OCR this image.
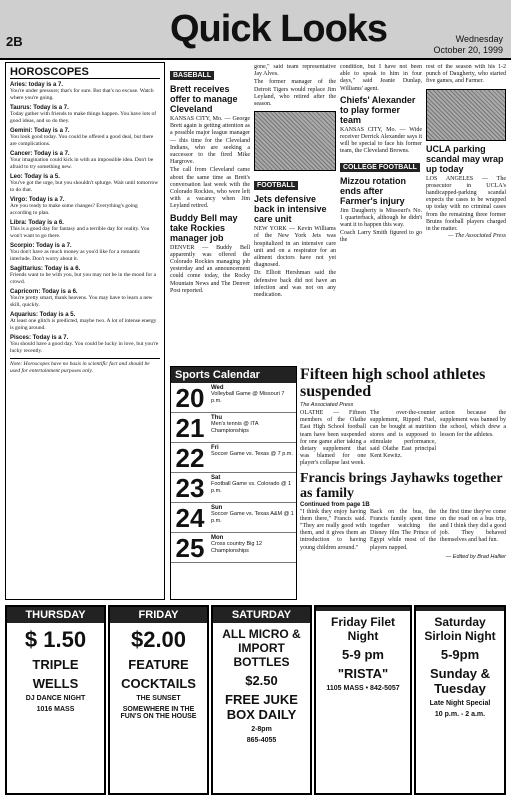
2B	Quick Looks	Wednesday
October 20, 1999
HOROSCOPES
Aries: today is a 7.

You're under pressure; that's for sure. But that's no excuse. Watch where you're going.

Taurus: Today is a 7.

Today gather with friends to make things happen. You have lots of good ideas, and so do they.

Gemini: Today is a 7.

You look good today. You could be offered a good deal, but there are complications.

Cancer: Today is a 7.

Your imagination could kick in with an impossible idea. Don't be afraid to try something new.

Leo: Today is a 5.

You've got the urge, but you shouldn't splurge. Wait until tomorrow to do that.

Virgo: Today is a 7.

Are you ready to make some changes? Everything's going according to plan.

Libra: Today is a 6.

This is a good day for fantasy and a terrible day for reality. You won't want to go there.

Scorpio: Today is a 7.

You don't have as much money as you'd like for a romantic interlude. Don't worry about it.

Sagittarius: Today is a 6.

Friends want to be with you, but you may not be in the mood for a crowd.

Capricorn: Today is a 6.

You're pretty smart, thank heavens. You may have to learn a new skill, quickly.

Aquarius: Today is a 5.

At least one glitch is predicted, maybe two. A lot of intense energy is going around.

Pisces: Today is a 7.

You should have a good day. You could be lucky in love, but you're lucky recently.

Note: Horoscopes have no basis in scientific fact and should be used for entertainment purposes only.
BASEBALL
Brett receives offer to manage Cleveland

KANSAS CITY, Mo. — George Brett again is getting attention as a possible major league manager — this time for the Cleveland Indians, who are seeking a successor to the fired Mike Hargrove.

The call from Cleveland came about the same time as Brett's conversation last week with the Colorado Rockies, who were left with a vacancy when Jim Leyland retired.

Buddy Bell may take Rockies manager job
DENVER — Buddy Bell apparently was offered the Colorado Rockies managing job yesterday and an announcement could come today, the Rocky Mountain News and The Denver Post reported.

gone," said team representative Jay Alves.

The former manager of the Detroit Tigers would replace Jim Leyland, who retired after the season.

FOOTBALL
Jets defensive back in intensive care unit

NEW YORK — Kevin Williams of the New York Jets was hospitalized in an intensive care unit and on a respirator for an ailment doctors have not yet diagnosed.

Dr. Elliott Hershman said the defensive back did not have an infection and was not on any medication.

condition, but I have not been able to speak to him in four days," said Jeanie Dunlap, Williams' agent.
Chiefs' Alexander to play former team
KANSAS CITY, Mo. — Wide receiver Derrick Alexander says it will be special to face his former team, the Cleveland Browns.
COLLEGE FOOTBALL
Mizzou rotation ends after Farmer's injury

Jim Daugherty is Missouri's No. 1 quarterback, although he didn't want it to happen this way.

Coach Larry Smith figured to go the

rest of the season with his 1-2 punch of Daugherty, who started five games, and Farmer.
UCLA parking scandal may wrap up today
LOS ANGELES — The prosecutor in UCLA's handicapped-parking scandal expects the cases to be wrapped up today with no criminal cases from the remaining three former Bruins football players charged in the matter.
— The Associated Press
Sports Calendar
20	Wed
Volleyball Game @ Missouri 7 p.m.
21	Thu
Men's tennis @ ITA Championships
22	Fri
Soccer Game vs. Texas @ 7 p.m.
23	Sat
Football Game vs. Colorado @ 1 p.m.
24	Sun
Soccer Game vs. Texas A&M @ 1 p.m.
25	Mon
Cross country Big 12 Championships
Fifteen high school athletes suspended
The Associated Press
OLATHE — Fifteen members of the Olathe East High School football team have been suspended for one game after taking a dietary supplement that was blamed for one player's collapse last week.
The over-the-counter supplement, Ripped Fuel, can be bought at nutrition stores and is supposed to stimulate performance, said Olathe East principal Kent Kewitz.
action because the supplement was banned by the school, which drew a lesson for the athletes.
Francis brings Jayhawks together as family
Continued from page 1B
"I think they enjoy having them there," Francis said. "They are really good with them, and it gives them an introduction to having young children around."
Back on the bus, the Francis family spent time together watching the Disney film The Prince of Egypt while most of the players napped.
the first time they've come on the road on a bus trip, and I think they did a good job. They behaved themselves and had fun.
— Edited by Brad Hallier
THURSDAY
$ 1.50
TRIPLE
WELLS
DJ DANCE NIGHT
1016 MASS
FRIDAY
$2.00
FEATURE
COCKTAILS
THE SUNSET
SOMEWHERE IN THE FUN'S ON THE HOUSE
SATURDAY
ALL MICRO & IMPORT BOTTLES
$2.50
FREE JUKE BOX DAILY
2-8pm
865-4055
Friday Filet Night
5-9 pm
"RISTA"
1105 MASS • 842-5057
Saturday Sirloin Night
5-9pm
Sunday & Tuesday
Late Night Special
10 p.m. - 2 a.m.
